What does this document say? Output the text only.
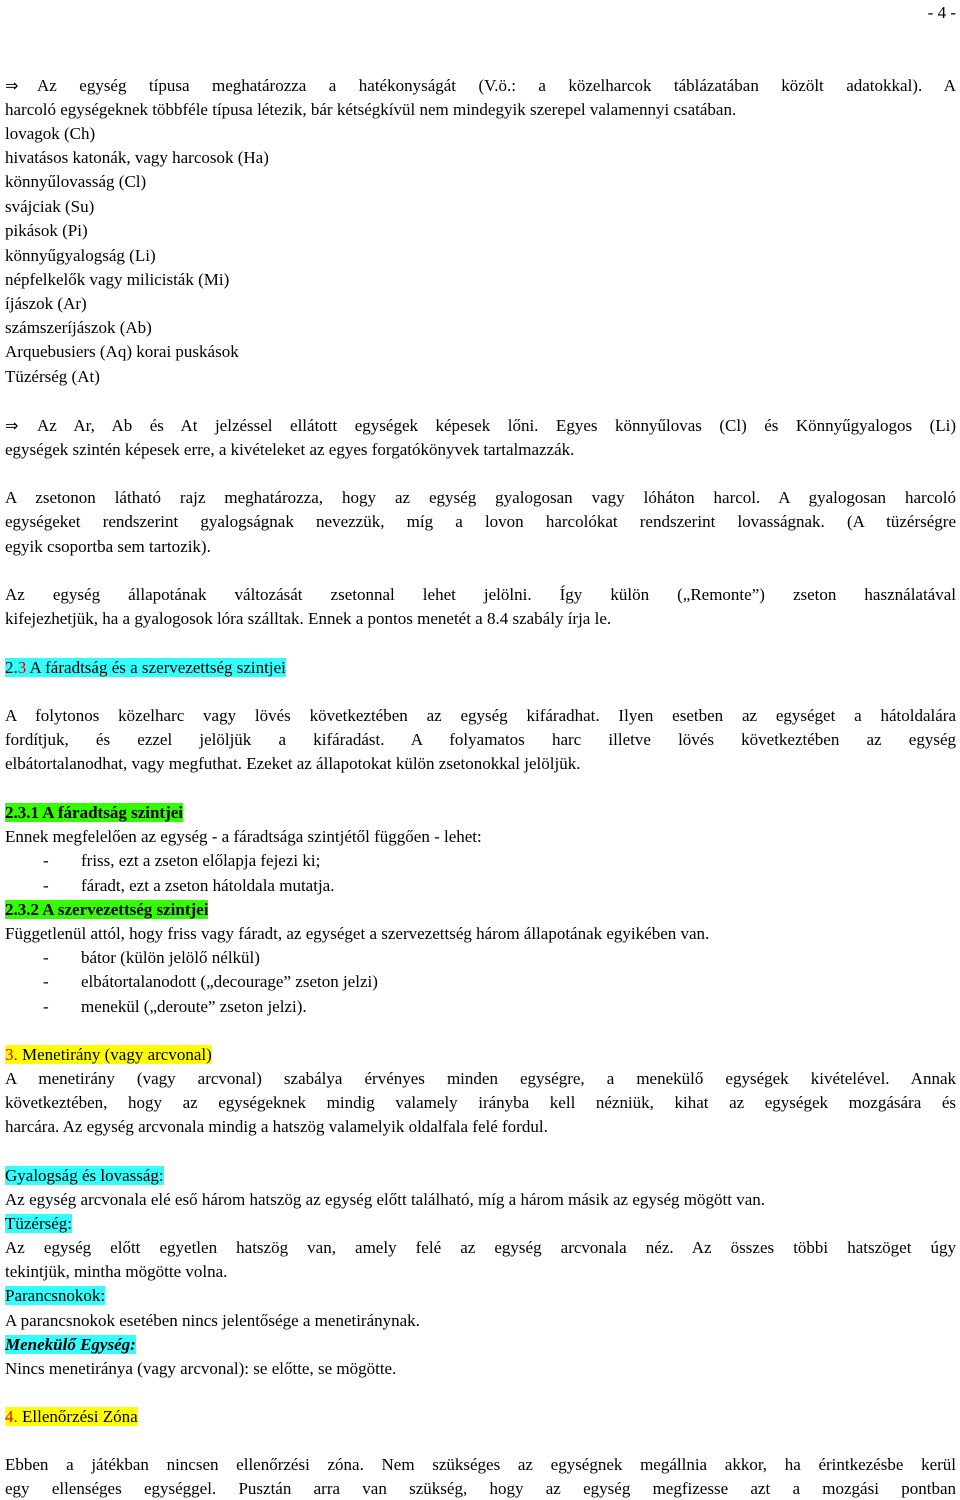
- 4 -
⇒ Az egység típusa meghatározza a hatékonyságát (V.ö.: a közelharcok táblázatában közölt adatokkal). A
harcoló egységeknek többféle típusa létezik, bár kétségkívül nem mindegyik szerepel valamennyi csatában.
lovagok (Ch)
hivatásos katonák, vagy harcosok (Ha)
könnyűlovasság (Cl)
svájciak (Su)
pikások (Pi)
könnyűgyalogság (Li)
népfelkelők vagy milicisták (Mi)
íjászok (Ar)
számszeríjászok (Ab)
Arquebusiers (Aq) korai puskások
Tüzérség (At)
⇒ Az Ar, Ab és At jelzéssel ellátott egységek képesek lőni. Egyes könnyűlovas (Cl) és Könnyűgyalogos (Li)
egységek szintén képesek erre, a kivételeket az egyes forgatókönyvek tartalmazzák.
A zsetonon látható rajz meghatározza, hogy az egység gyalogosan vagy lóháton harcol. A gyalogosan harcoló
egységeket rendszerint gyalogságnak nevezzük, míg a lovon harcolókat rendszerint lovasságnak. (A tüzérségre
egyik csoportba sem tartozik).
Az egység állapotának változását zsetonnal lehet jelölni. Így külön („Remonte”) zseton használatával
kifejezhetjük, ha a gyalogosok lóra szálltak. Ennek a pontos menetét a 8.4 szabály írja le.
2.3 A fáradtság és a szervezettség szintjei
A folytonos közelharc vagy lövés következtében az egység kifáradhat. Ilyen esetben az egységet a hátoldalára
fordítjuk, és ezzel jelöljük a kifáradást. A folyamatos harc illetve lövés következtében az egység
elbátortalanodhat, vagy megfuthat. Ezeket az állapotokat külön zsetonokkal jelöljük.
2.3.1 A fáradtság szintjei
Ennek megfelelően az egység - a fáradtsága szintjétől függően - lehet:
- friss, ezt a zseton előlapja fejezi ki;
- fáradt, ezt a zseton hátoldala mutatja.
2.3.2 A szervezettség szintjei
Függetlenül attól, hogy friss vagy fáradt, az egységet a szervezettség három állapotának egyikében van.
- bátor (külön jelölő nélkül)
- elbátortalanodott („decourage” zseton jelzi)
- menekül („deroute” zseton jelzi).
3. Menetirány (vagy arcvonal)
A menetirány (vagy arcvonal) szabálya érvényes minden egységre, a menekülő egységek kivételével. Annak
következtében, hogy az egységeknek mindig valamely irányba kell nézniük, kihat az egységek mozgására és
harcára. Az egység arcvonala mindig a hatszög valamelyik oldalfala felé fordul.
Gyalogság és lovasság:
Az egység arcvonala elé eső három hatszög az egység előtt található, míg a három másik az egység mögött van.
Tüzérség:
Az egység előtt egyetlen hatszög van, amely felé az egység arcvonala néz. Az összes többi hatszöget úgy
tekintjük, mintha mögötte volna.
Parancsnokok:
A parancsnokok esetében nincs jelentősége a menetiránynak.
Menekülő Egység:
Nincs menetiránya (vagy arcvonal): se előtte, se mögötte.
4. Ellenőrzési Zóna
Ebben a játékban nincsen ellenőrzési zóna. Nem szükséges az egységnek megállnia akkor, ha érintkezésbe kerül
egy ellenséges egységgel. Pusztán arra van szükség, hogy az egység megfizesse azt a mozgási pontban
